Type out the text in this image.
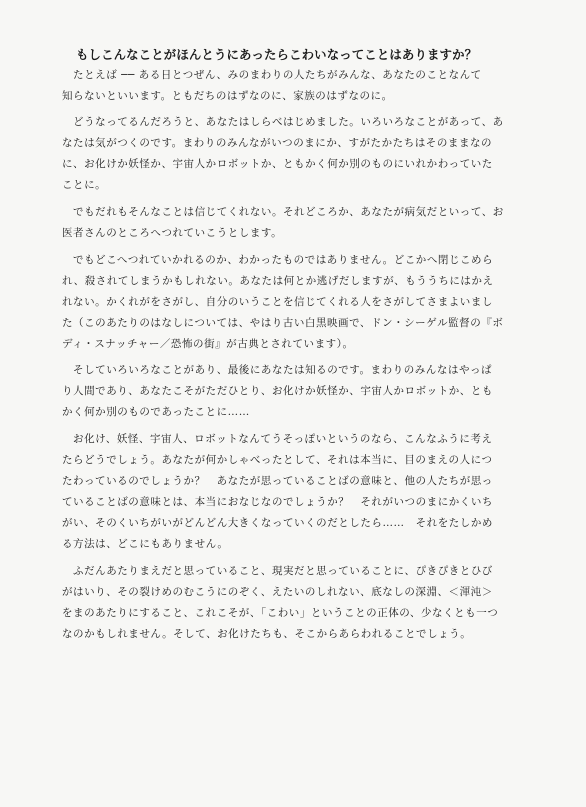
もしこんなことがほんとうにあったらこわいなってことはありますか？
　たとえば ── ある日とつぜん、みのまわりの人たちがみんな、あなたのことなんて
知らないといいます。ともだちのはずなのに、家族のはずなのに。
　どうなってるんだろうと、あなたはしらべはじめました。いろいろなことがあって、あ
なたは気がつくのです。まわりのみんながいつのまにか、すがたかたちはそのままなの
に、お化けか妖怪か、宇宙人かロボットか、ともかく何か別のものにいれかわっていた
ことに。
　でもだれもそんなことは信じてくれない。それどころか、あなたが病気だといって、お
医者さんのところへつれていこうとします。
　でもどこへつれていかれるのか、わかったものではありません。どこかへ閉じこめら
れ、殺されてしまうかもしれない。あなたは何とか逃げだしますが、もううちにはかえ
れない。かくれがをさがし、自分のいうことを信じてくれる人をさがしてさまよいまし
た（このあたりのはなしについては、やはり古い白黒映画で、ドン・シーゲル監督の『ボ
ディ・スナッチャー／恐怖の街』が古典とされています）。
　そしていろいろなことがあり、最後にあなたは知るのです。まわりのみんなはやっぱ
り人間であり、あなたこそがただひとり、お化けか妖怪か、宇宙人かロボットか、とも
かく何か別のものであったことに……
　お化け、妖怪、宇宙人、ロボットなんてうそっぽいというのなら、こんなふうに考え
たらどうでしょう。あなたが何かしゃべったとして、それは本当に、目のまえの人につ
たわっているのでしょうか？　あなたが思っていることばの意味と、他の人たちが思っ
ていることばの意味とは、本当におなじなのでしょうか？　それがいつのまにかくいち
がい、そのくいちがいがどんどん大きくなっていくのだとしたら……　それをたしかめ
る方法は、どこにもありません。
　ふだんあたりまえだと思っていること、現実だと思っていることに、ぴきぴきとひび
がはいり、その裂けめのむこうにのぞく、えたいのしれない、底なしの深淵、＜渾沌＞
をまのあたりにすること、これこそが、「こわい」ということの正体の、少なくとも一つ
なのかもしれません。そして、お化けたちも、そこからあらわれることでしょう。
